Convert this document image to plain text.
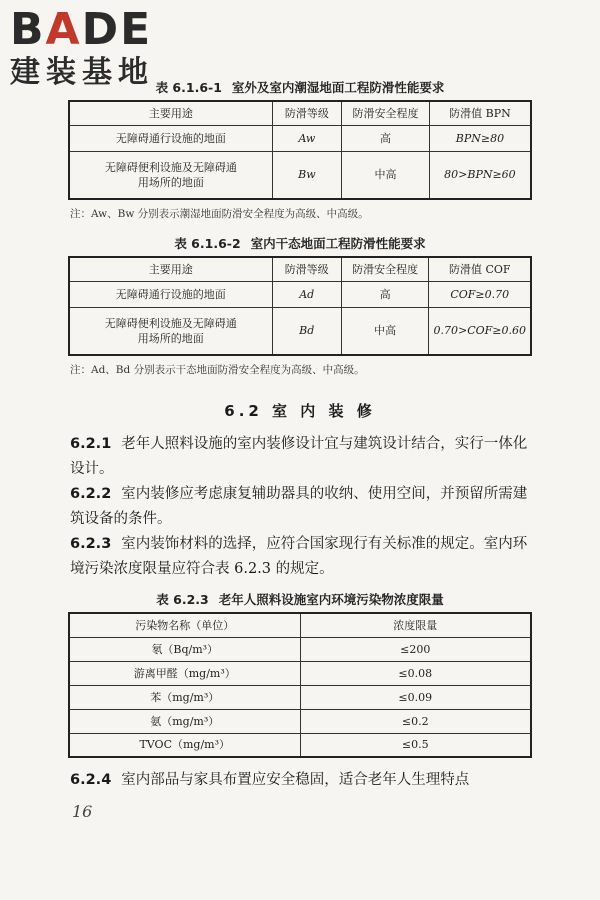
BADE
建装基地 表 6.1.6-1 室外及室内潮湿地面工程防滑性能要求
主要用途	防滑等级	防滑安全程度	防滑值 BPN
无障碍通行设施的地面	Aw	高	BPN≥80
无障碍便利设施及无障碍通用场所的地面	Bw	中高	80>BPN≥60
注：Aw、Bw 分别表示潮湿地面防滑安全程度为高级、中高级。
表 6.1.6-2 室内干态地面工程防滑性能要求
主要用途	防滑等级	防滑安全程度	防滑值 COF
无障碍通行设施的地面	Ad	高	COF≥0.70
无障碍便利设施及无障碍通用场所的地面	Bd	中高	0.70>COF≥0.60
注：Ad、Bd 分别表示干态地面防滑安全程度为高级、中高级。
6.2 室 内 装 修
6.2.1 老年人照料设施的室内装修设计宜与建筑设计结合，实行一体化设计。
6.2.2 室内装修应考虑康复辅助器具的收纳、使用空间，并预留所需建筑设备的条件。
6.2.3 室内装饰材料的选择，应符合国家现行有关标准的规定。室内环境污染浓度限量应符合表 6.2.3 的规定。
表 6.2.3 老年人照料设施室内环境污染物浓度限量
污染物名称（单位）	浓度限量
氡（Bq/m³）	≤200
游离甲醛（mg/m³）	≤0.08
苯（mg/m³）	≤0.09
氨（mg/m³）	≤0.2
TVOC（mg/m³）	≤0.5
6.2.4 室内部品与家具布置应安全稳固，适合老年人生理特点
16
